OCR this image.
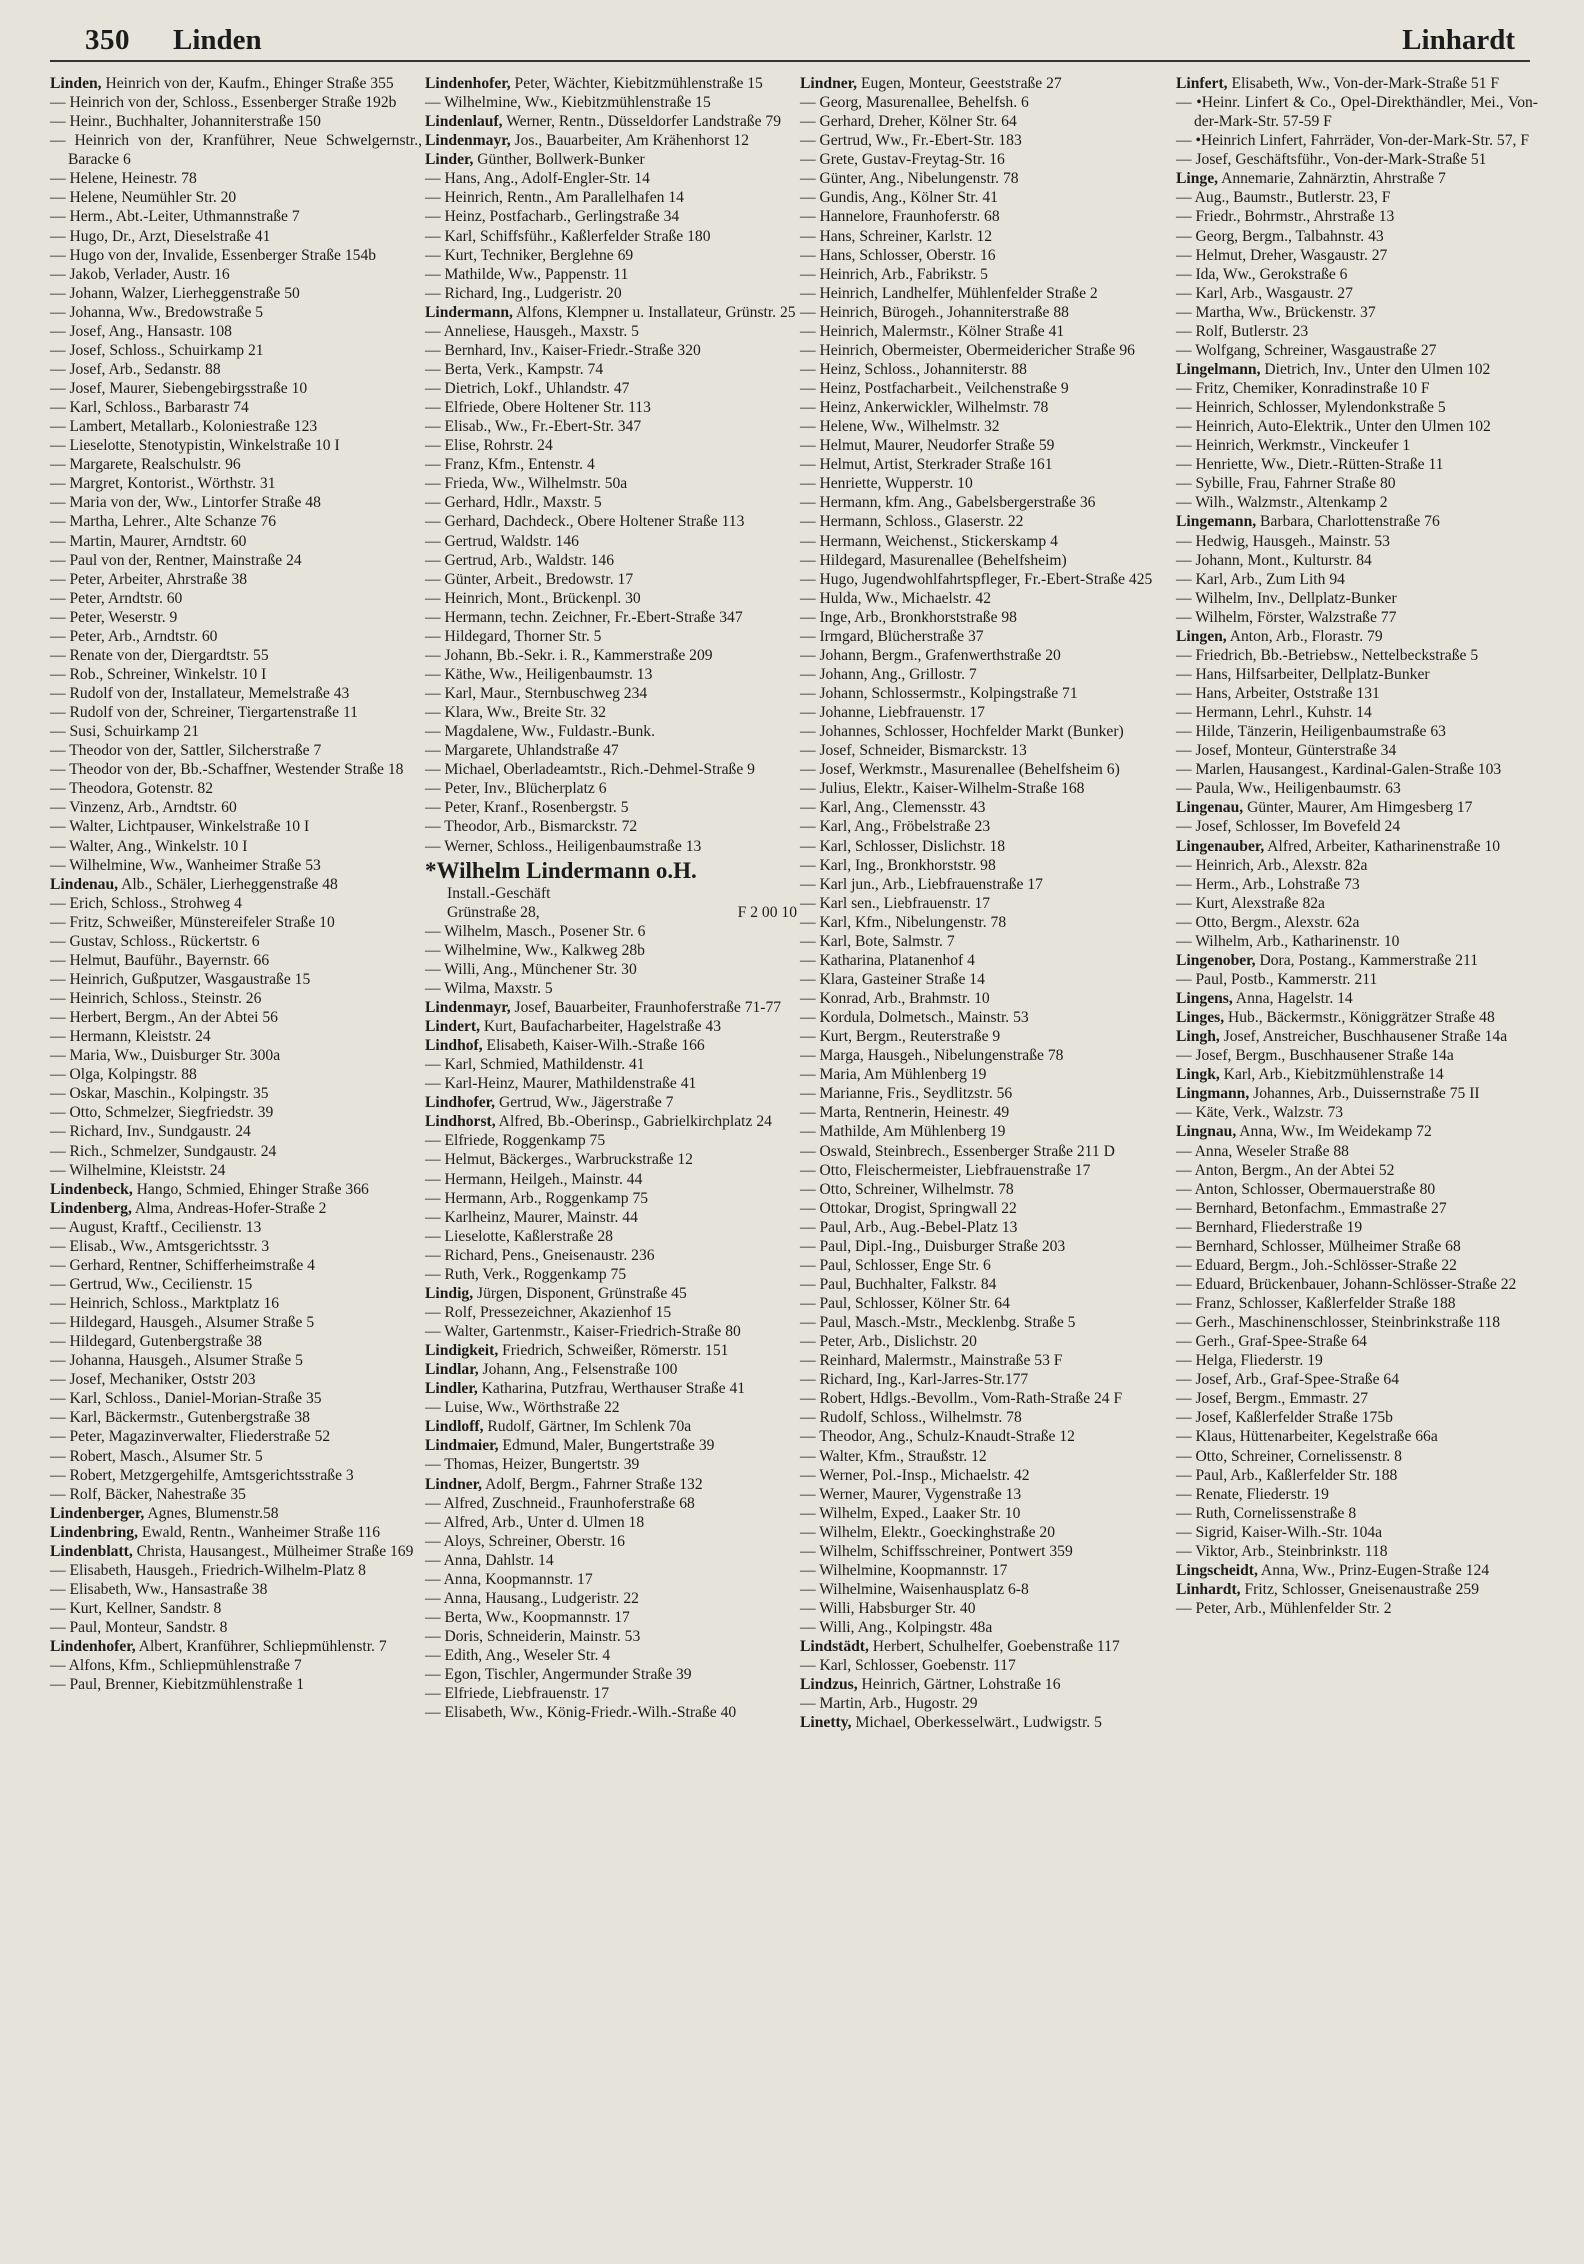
350 Linden	Linhardt

Linden, Heinrich von der, Kaufm., Ehinger Straße 355

— Heinrich von der, Schloss., Essenberger Straße 192b

— Heinr., Buchhalter, Johanniterstraße 150

— Heinrich von der, Kranführer, Neue Schwelgernstr., Baracke 6

— Helene, Heinestr. 78

— Helene, Neumühler Str. 20

— Herm., Abt.-Leiter, Uthmannstraße 7

— Hugo, Dr., Arzt, Dieselstraße 41

— Hugo von der, Invalide, Essenberger Straße 154b

— Jakob, Verlader, Austr. 16

— Johann, Walzer, Lierheggenstraße 50

— Johanna, Ww., Bredowstraße 5

— Josef, Ang., Hansastr. 108

— Josef, Schloss., Schuirkamp 21

— Josef, Arb., Sedanstr. 88

— Josef, Maurer, Siebengebirgsstraße 10

— Karl, Schloss., Barbarastr 74

— Lambert, Metallarb., Koloniestraße 123

— Lieselotte, Stenotypistin, Winkelstraße 10 I

— Margarete, Realschulstr. 96

— Margret, Kontorist., Wörthstr. 31

— Maria von der, Ww., Lintorfer Straße 48

— Martha, Lehrer., Alte Schanze 76

— Martin, Maurer, Arndtstr. 60

— Paul von der, Rentner, Mainstraße 24

— Peter, Arbeiter, Ahrstraße 38

— Peter, Arndtstr. 60

— Peter, Weserstr. 9

— Peter, Arb., Arndtstr. 60

— Renate von der, Diergardtstr. 55

— Rob., Schreiner, Winkelstr. 10 I

— Rudolf von der, Installateur, Memelstraße 43

— Rudolf von der, Schreiner, Tiergartenstraße 11

— Susi, Schuirkamp 21

— Theodor von der, Sattler, Silcherstraße 7

— Theodor von der, Bb.-Schaffner, Westender Straße 18

— Theodora, Gotenstr. 82

— Vinzenz, Arb., Arndtstr. 60

— Walter, Lichtpauser, Winkelstraße 10 I

— Walter, Ang., Winkelstr. 10 I

— Wilhelmine, Ww., Wanheimer Straße 53

Lindenau, Alb., Schäler, Lierheggenstraße 48

— Erich, Schloss., Strohweg 4

— Fritz, Schweißer, Münstereifeler Straße 10

— Gustav, Schloss., Rückertstr. 6

— Helmut, Bauführ., Bayernstr. 66

— Heinrich, Gußputzer, Wasgaustraße 15

— Heinrich, Schloss., Steinstr. 26

— Herbert, Bergm., An der Abtei 56

— Hermann, Kleiststr. 24

— Maria, Ww., Duisburger Str. 300a

— Olga, Kolpingstr. 88

— Oskar, Maschin., Kolpingstr. 35

— Otto, Schmelzer, Siegfriedstr. 39

— Richard, Inv., Sundgaustr. 24

— Rich., Schmelzer, Sundgaustr. 24

— Wilhelmine, Kleiststr. 24

Lindenbeck, Hango, Schmied, Ehinger Straße 366

Lindenberg, Alma, Andreas-Hofer-Straße 2

— August, Kraftf., Cecilienstr. 13

— Elisab., Ww., Amtsgerichtsstr. 3

— Gerhard, Rentner, Schifferheimstraße 4

— Gertrud, Ww., Cecilienstr. 15

— Heinrich, Schloss., Marktplatz 16

— Hildegard, Hausgeh., Alsumer Straße 5

— Hildegard, Gutenbergstraße 38

— Johanna, Hausgeh., Alsumer Straße 5

— Josef, Mechaniker, Oststr 203

— Karl, Schloss., Daniel-Morian-Straße 35

— Karl, Bäckermstr., Gutenbergstraße 38

— Peter, Magazinverwalter, Fliederstraße 52

— Robert, Masch., Alsumer Str. 5

— Robert, Metzgergehilfe, Amtsgerichtsstraße 3

— Rolf, Bäcker, Nahestraße 35

Lindenberger, Agnes, Blumenstr.58

Lindenbring, Ewald, Rentn., Wanheimer Straße 116

Lindenblatt, Christa, Hausangest., Mülheimer Straße 169

— Elisabeth, Hausgeh., Friedrich-Wilhelm-Platz 8

— Elisabeth, Ww., Hansastraße 38

— Kurt, Kellner, Sandstr. 8

— Paul, Monteur, Sandstr. 8

Lindenhofer, Albert, Kranführer, Schliepmühlenstr. 7

— Alfons, Kfm., Schliepmühlenstraße 7

— Paul, Brenner, Kiebitzmühlenstraße 1

Lindenhofer, Peter, Wächter, Kiebitzmühlenstraße 15

— Wilhelmine, Ww., Kiebitzmühlenstraße 15

Lindenlauf, Werner, Rentn., Düsseldorfer Landstraße 79

Lindenmayr, Jos., Bauarbeiter, Am Krähenhorst 12

Linder, Günther, Bollwerk-Bunker

— Hans, Ang., Adolf-Engler-Str. 14

— Heinrich, Rentn., Am Parallelhafen 14

— Heinz, Postfacharb., Gerlingstraße 34

— Karl, Schiffsführ., Kaßlerfelder Straße 180

— Kurt, Techniker, Berglehne 69

— Mathilde, Ww., Pappenstr. 11

— Richard, Ing., Ludgeristr. 20

Lindermann, Alfons, Klempner u. Installateur, Grünstr. 25

— Anneliese, Hausgeh., Maxstr. 5

— Bernhard, Inv., Kaiser-Friedr.-Straße 320

— Berta, Verk., Kampstr. 74

— Dietrich, Lokf., Uhlandstr. 47

— Elfriede, Obere Holtener Str. 113

— Elisab., Ww., Fr.-Ebert-Str. 347

— Elise, Rohrstr. 24

— Franz, Kfm., Entenstr. 4

— Frieda, Ww., Wilhelmstr. 50a

— Gerhard, Hdlr., Maxstr. 5

— Gerhard, Dachdeck., Obere Holtener Straße 113

— Gertrud, Waldstr. 146

— Gertrud, Arb., Waldstr. 146

— Günter, Arbeit., Bredowstr. 17

— Heinrich, Mont., Brückenpl. 30

— Hermann, techn. Zeichner, Fr.-Ebert-Straße 347

— Hildegard, Thorner Str. 5

— Johann, Bb.-Sekr. i. R., Kammerstraße 209

— Käthe, Ww., Heiligenbaumstr. 13

— Karl, Maur., Sternbuschweg 234

— Klara, Ww., Breite Str. 32

— Magdalene, Ww., Fuldastr.-Bunk.

— Margarete, Uhlandstraße 47

— Michael, Oberladeamtstr., Rich.-Dehmel-Straße 9

— Peter, Inv., Blücherplatz 6

— Peter, Kranf., Rosenbergstr. 5

— Theodor, Arb., Bismarckstr. 72

— Werner, Schloss., Heiligenbaumstraße 13

*Wilhelm Lindermann o.H.
Install.-Geschäft
Grünstraße 28,	F 2 00 10

— Wilhelm, Masch., Posener Str. 6

— Wilhelmine, Ww., Kalkweg 28b

— Willi, Ang., Münchener Str. 30

— Wilma, Maxstr. 5

Lindenmayr, Josef, Bauarbeiter, Fraunhoferstraße 71-77

Lindert, Kurt, Baufacharbeiter, Hagelstraße 43

Lindhof, Elisabeth, Kaiser-Wilh.-Straße 166

— Karl, Schmied, Mathildenstr. 41

— Karl-Heinz, Maurer, Mathildenstraße 41

Lindhofer, Gertrud, Ww., Jägerstraße 7

Lindhorst, Alfred, Bb.-Oberinsp., Gabrielkirchplatz 24

— Elfriede, Roggenkamp 75

— Helmut, Bäckerges., Warbruckstraße 12

— Hermann, Heilgeh., Mainstr. 44

— Hermann, Arb., Roggenkamp 75

— Karlheinz, Maurer, Mainstr. 44

— Lieselotte, Kaßlerstraße 28

— Richard, Pens., Gneisenaustr. 236

— Ruth, Verk., Roggenkamp 75

Lindig, Jürgen, Disponent, Grünstraße 45

— Rolf, Pressezeichner, Akazienhof 15

— Walter, Gartenmstr., Kaiser-Friedrich-Straße 80

Lindigkeit, Friedrich, Schweißer, Römerstr. 151

Lindlar, Johann, Ang., Felsenstraße 100

Lindler, Katharina, Putzfrau, Werthauser Straße 41

— Luise, Ww., Wörthstraße 22

Lindloff, Rudolf, Gärtner, Im Schlenk 70a

Lindmaier, Edmund, Maler, Bungertstraße 39

— Thomas, Heizer, Bungertstr. 39

Lindner, Adolf, Bergm., Fahrner Straße 132

— Alfred, Zuschneid., Fraunhoferstraße 68

— Alfred, Arb., Unter d. Ulmen 18

— Aloys, Schreiner, Oberstr. 16

— Anna, Dahlstr. 14

— Anna, Koopmannstr. 17

— Anna, Hausang., Ludgeristr. 22

— Berta, Ww., Koopmannstr. 17

— Doris, Schneiderin, Mainstr. 53

— Edith, Ang., Weseler Str. 4

— Egon, Tischler, Angermunder Straße 39

— Elfriede, Liebfrauenstr. 17

— Elisabeth, Ww., König-Friedr.-Wilh.-Straße 40

Lindner, Eugen, Monteur, Geeststraße 27

— Georg, Masurenallee, Behelfsh. 6

— Gerhard, Dreher, Kölner Str. 64

— Gertrud, Ww., Fr.-Ebert-Str. 183

— Grete, Gustav-Freytag-Str. 16

— Günter, Ang., Nibelungenstr. 78

— Gundis, Ang., Kölner Str. 41

— Hannelore, Fraunhoferstr. 68

— Hans, Schreiner, Karlstr. 12

— Hans, Schlosser, Oberstr. 16

— Heinrich, Arb., Fabrikstr. 5

— Heinrich, Landhelfer, Mühlenfelder Straße 2

— Heinrich, Bürogeh., Johanniterstraße 88

— Heinrich, Malermstr., Kölner Straße 41

— Heinrich, Obermeister, Obermeidericher Straße 96

— Heinz, Schloss., Johanniterstr. 88

— Heinz, Postfacharbeit., Veilchenstraße 9

— Heinz, Ankerwickler, Wilhelmstr. 78

— Helene, Ww., Wilhelmstr. 32

— Helmut, Maurer, Neudorfer Straße 59

— Helmut, Artist, Sterkrader Straße 161

— Henriette, Wupperstr. 10

— Hermann, kfm. Ang., Gabelsbergerstraße 36

— Hermann, Schloss., Glaserstr. 22

— Hermann, Weichenst., Stickerskamp 4

— Hildegard, Masurenallee (Behelfsheim)

— Hugo, Jugendwohlfahrtspfleger, Fr.-Ebert-Straße 425

— Hulda, Ww., Michaelstr. 42

— Inge, Arb., Bronkhorststraße 98

— Irmgard, Blücherstraße 37

— Johann, Bergm., Grafenwerthstraße 20

— Johann, Ang., Grillostr. 7

— Johann, Schlossermstr., Kolpingstraße 71

— Johanne, Liebfrauenstr. 17

— Johannes, Schlosser, Hochfelder Markt (Bunker)

— Josef, Schneider, Bismarckstr. 13

— Josef, Werkmstr., Masurenallee (Behelfsheim 6)

— Julius, Elektr., Kaiser-Wilhelm-Straße 168

— Karl, Ang., Clemensstr. 43

— Karl, Ang., Fröbelstraße 23

— Karl, Schlosser, Dislichstr. 18

— Karl, Ing., Bronkhorststr. 98

— Karl jun., Arb., Liebfrauenstraße 17

— Karl sen., Liebfrauenstr. 17

— Karl, Kfm., Nibelungenstr. 78

— Karl, Bote, Salmstr. 7

— Katharina, Platanenhof 4

— Klara, Gasteiner Straße 14

— Konrad, Arb., Brahmstr. 10

— Kordula, Dolmetsch., Mainstr. 53

— Kurt, Bergm., Reuterstraße 9

— Marga, Hausgeh., Nibelungenstraße 78

— Maria, Am Mühlenberg 19

— Marianne, Fris., Seydlitzstr. 56

— Marta, Rentnerin, Heinestr. 49

— Mathilde, Am Mühlenberg 19

— Oswald, Steinbrech., Essenberger Straße 211 D

— Otto, Fleischermeister, Liebfrauenstraße 17

— Otto, Schreiner, Wilhelmstr. 78

— Ottokar, Drogist, Springwall 22

— Paul, Arb., Aug.-Bebel-Platz 13

— Paul, Dipl.-Ing., Duisburger Straße 203

— Paul, Schlosser, Enge Str. 6

— Paul, Buchhalter, Falkstr. 84

— Paul, Schlosser, Kölner Str. 64

— Paul, Masch.-Mstr., Mecklenbg. Straße 5

— Peter, Arb., Dislichstr. 20

— Reinhard, Malermstr., Mainstraße 53 F

— Richard, Ing., Karl-Jarres-Str.177

— Robert, Hdlgs.-Bevollm., Vom-Rath-Straße 24 F

— Rudolf, Schloss., Wilhelmstr. 78

— Theodor, Ang., Schulz-Knaudt-Straße 12

— Walter, Kfm., Straußstr. 12

— Werner, Pol.-Insp., Michaelstr. 42

— Werner, Maurer, Vygenstraße 13

— Wilhelm, Exped., Laaker Str. 10

— Wilhelm, Elektr., Goeckinghstraße 20

— Wilhelm, Schiffsschreiner, Pontwert 359

— Wilhelmine, Koopmannstr. 17

— Wilhelmine, Waisenhausplatz 6-8

— Willi, Habsburger Str. 40

— Willi, Ang., Kolpingstr. 48a

Lindstädt, Herbert, Schulhelfer, Goebenstraße 117

— Karl, Schlosser, Goebenstr. 117

Lindzus, Heinrich, Gärtner, Lohstraße 16

— Martin, Arb., Hugostr. 29

Linetty, Michael, Oberkesselwärt., Ludwigstr. 5

Linfert, Elisabeth, Ww., Von-der-Mark-Straße 51 F

— •Heinr. Linfert & Co., Opel-Direkthändler, Mei., Von-der-Mark-Str. 57-59 F

— •Heinrich Linfert, Fahrräder, Von-der-Mark-Str. 57, F

— Josef, Geschäftsführ., Von-der-Mark-Straße 51

Linge, Annemarie, Zahnärztin, Ahrstraße 7

— Aug., Baumstr., Butlerstr. 23, F

— Friedr., Bohrmstr., Ahrstraße 13

— Georg, Bergm., Talbahnstr. 43

— Helmut, Dreher, Wasgaustr. 27

— Ida, Ww., Gerokstraße 6

— Karl, Arb., Wasgaustr. 27

— Martha, Ww., Brückenstr. 37

— Rolf, Butlerstr. 23

— Wolfgang, Schreiner, Wasgaustraße 27

Lingelmann, Dietrich, Inv., Unter den Ulmen 102

— Fritz, Chemiker, Konradinstraße 10 F

— Heinrich, Schlosser, Mylendonkstraße 5

— Heinrich, Auto-Elektrik., Unter den Ulmen 102

— Heinrich, Werkmstr., Vinckeufer 1

— Henriette, Ww., Dietr.-Rütten-Straße 11

— Sybille, Frau, Fahrner Straße 80

— Wilh., Walzmstr., Altenkamp 2

Lingemann, Barbara, Charlottenstraße 76

— Hedwig, Hausgeh., Mainstr. 53

— Johann, Mont., Kulturstr. 84

— Karl, Arb., Zum Lith 94

— Wilhelm, Inv., Dellplatz-Bunker

— Wilhelm, Förster, Walzstraße 77

Lingen, Anton, Arb., Florastr. 79

— Friedrich, Bb.-Betriebsw., Nettelbeckstraße 5

— Hans, Hilfsarbeiter, Dellplatz-Bunker

— Hans, Arbeiter, Oststraße 131

— Hermann, Lehrl., Kuhstr. 14

— Hilde, Tänzerin, Heiligenbaumstraße 63

— Josef, Monteur, Günterstraße 34

— Marlen, Hausangest., Kardinal-Galen-Straße 103

— Paula, Ww., Heiligenbaumstr. 63

Lingenau, Günter, Maurer, Am Himgesberg 17

— Josef, Schlosser, Im Bovefeld 24

Lingenauber, Alfred, Arbeiter, Katharinenstraße 10

— Heinrich, Arb., Alexstr. 82a

— Herm., Arb., Lohstraße 73

— Kurt, Alexstraße 82a

— Otto, Bergm., Alexstr. 62a

— Wilhelm, Arb., Katharinenstr. 10

Lingenober, Dora, Postang., Kammerstraße 211

— Paul, Postb., Kammerstr. 211

Lingens, Anna, Hagelstr. 14

Linges, Hub., Bäckermstr., Königgrätzer Straße 48

Lingh, Josef, Anstreicher, Buschhausener Straße 14a

— Josef, Bergm., Buschhausener Straße 14a

Lingk, Karl, Arb., Kiebitzmühlenstraße 14

Lingmann, Johannes, Arb., Duissernstraße 75 II

— Käte, Verk., Walzstr. 73

Lingnau, Anna, Ww., Im Weidekamp 72

— Anna, Weseler Straße 88

— Anton, Bergm., An der Abtei 52

— Anton, Schlosser, Obermauerstraße 80

— Bernhard, Betonfachm., Emmastraße 27

— Bernhard, Fliederstraße 19

— Bernhard, Schlosser, Mülheimer Straße 68

— Eduard, Bergm., Joh.-Schlösser-Straße 22

— Eduard, Brückenbauer, Johann-Schlösser-Straße 22

— Franz, Schlosser, Kaßlerfelder Straße 188

— Gerh., Maschinenschlosser, Steinbrinkstraße 118

— Gerh., Graf-Spee-Straße 64

— Helga, Fliederstr. 19

— Josef, Arb., Graf-Spee-Straße 64

— Josef, Bergm., Emmastr. 27

— Josef, Kaßlerfelder Straße 175b

— Klaus, Hüttenarbeiter, Kegelstraße 66a

— Otto, Schreiner, Cornelissenstr. 8

— Paul, Arb., Kaßlerfelder Str. 188

— Renate, Fliederstr. 19

— Ruth, Cornelissenstraße 8

— Sigrid, Kaiser-Wilh.-Str. 104a

— Viktor, Arb., Steinbrinkstr. 118

Lingscheidt, Anna, Ww., Prinz-Eugen-Straße 124

Linhardt, Fritz, Schlosser, Gneisenaustraße 259

— Peter, Arb., Mühlenfelder Str. 2
